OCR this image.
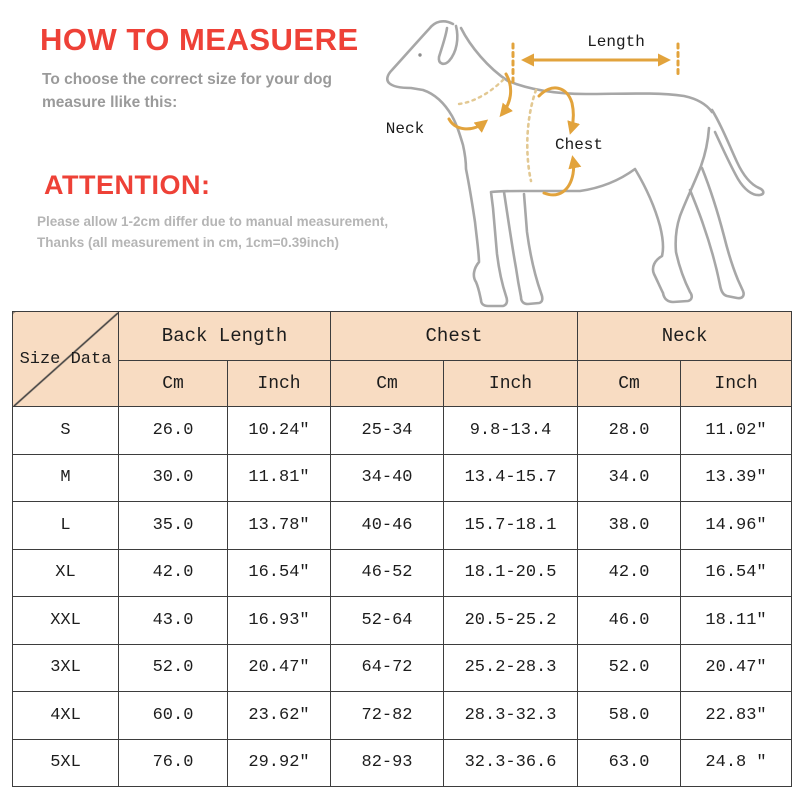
HOW TO MEASUERE
To choose the correct size for your dog
measure llike this:
ATTENTION:
Please allow 1-2cm differ due to manual measurement,
Thanks (all measurement in cm, 1cm=0.39inch)
Length
Neck
Chest
Size Data	Back Length		Chest		Neck	
	Cm	Inch	Cm	Inch	Cm	Inch
S	26.0	10.24″	25-34	9.8-13.4	28.0	11.02″
M	30.0	11.81″	34-40	13.4-15.7	34.0	13.39″
L	35.0	13.78″	40-46	15.7-18.1	38.0	14.96″
XL	42.0	16.54″	46-52	18.1-20.5	42.0	16.54″
XXL	43.0	16.93″	52-64	20.5-25.2	46.0	18.11″
3XL	52.0	20.47″	64-72	25.2-28.3	52.0	20.47″
4XL	60.0	23.62″	72-82	28.3-32.3	58.0	22.83″
5XL	76.0	29.92″	82-93	32.3-36.6	63.0	24.8 ″
